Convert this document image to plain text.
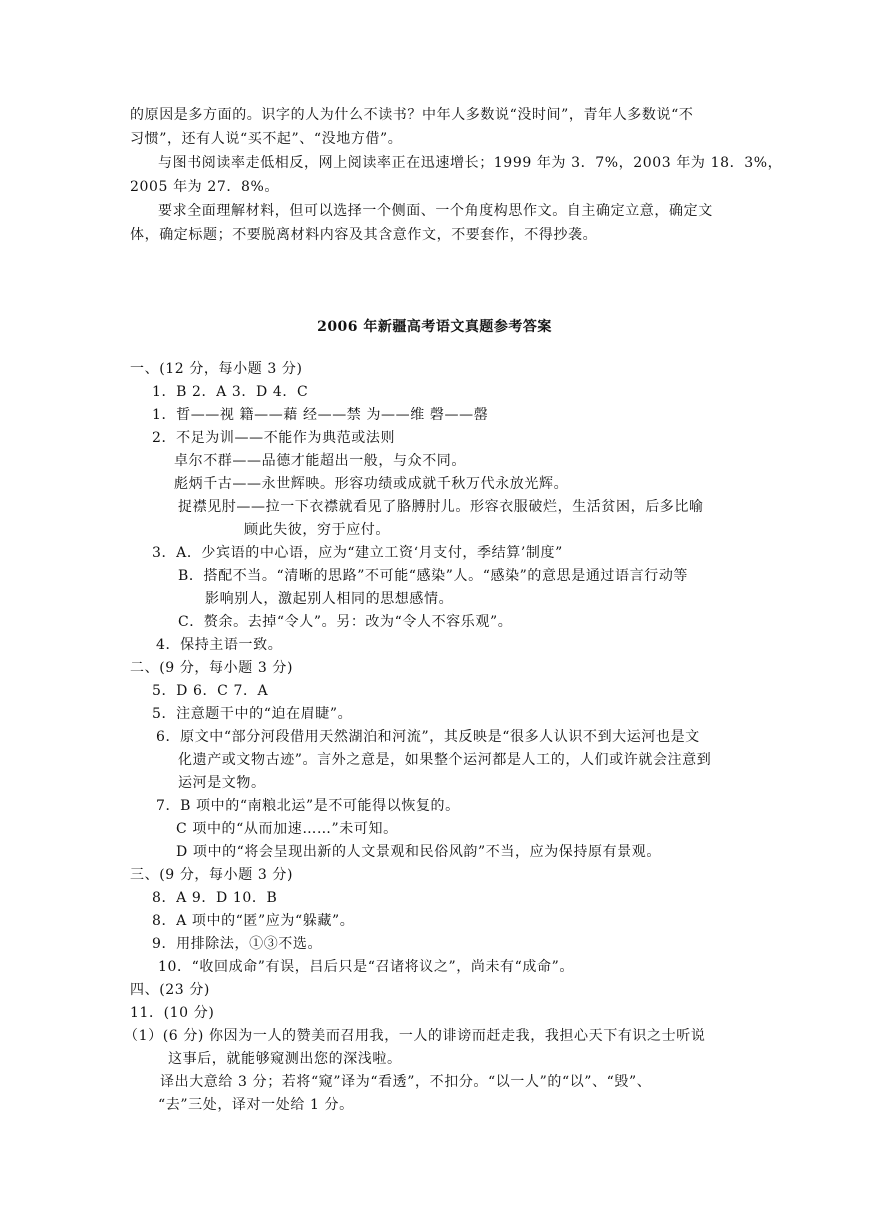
的原因是多方面的。识字的人为什么不读书？中年人多数说“没时间”，青年人多数说“不
习惯”，还有人说“买不起”、“没地方借”。
与图书阅读率走低相反，网上阅读率正在迅速增长；1999 年为 3．7%，2003 年为 18．3%，
2005 年为 27．8%。
要求全面理解材料，但可以选择一个侧面、一个角度构思作文。自主确定立意，确定文
体，确定标题；不要脱离材料内容及其含意作文，不要套作，不得抄袭。
2006 年新疆高考语文真题参考答案
一、(12 分，每小题 3 分)
1．B 2．A 3．D 4．C
1．晢——视 籍——藉 经——禁 为——维 磬——罄
2．不足为训——不能作为典范或法则
卓尔不群——品德才能超出一般，与众不同。
彪炳千古——永世辉映。形容功绩或成就千秋万代永放光辉。
捉襟见肘——拉一下衣襟就看见了胳膊肘儿。形容衣服破烂，生活贫困，后多比喻
顾此失彼，穷于应付。
3．A．少宾语的中心语，应为“建立工资‘月支付，季结算’制度”
B．搭配不当。“清晰的思路”不可能“感染”人。“感染”的意思是通过语言行动等
影响别人，激起别人相同的思想感情。
C．赘余。去掉“令人”。另：改为“令人不容乐观”。
4．保持主语一致。
二、(9 分，每小题 3 分)
5．D 6．C 7．A
5．注意题干中的“迫在眉睫”。
6．原文中“部分河段借用天然湖泊和河流”，其反映是“很多人认识不到大运河也是文
化遗产或文物古迹”。言外之意是，如果整个运河都是人工的，人们或许就会注意到
运河是文物。
7．B 项中的“南粮北运”是不可能得以恢复的。
C 项中的“从而加速……”未可知。
D 项中的“将会呈现出新的人文景观和民俗风韵”不当，应为保持原有景观。
三、(9 分，每小题 3 分)
8．A 9．D 10．B
8．A 项中的“匿”应为“躲藏”。
9．用排除法，①③不选。
10．“收回成命”有误，吕后只是“召诸将议之”，尚未有“成命”。
四、(23 分)
11．(10 分)
（1）(6 分) 你因为一人的赞美而召用我，一人的诽谤而赶走我，我担心天下有识之士听说
这事后，就能够窥测出您的深浅啦。
译出大意给 3 分；若将“窥”译为“看透”，不扣分。“以一人”的“以”、“毁”、
“去”三处，译对一处给 1 分。
